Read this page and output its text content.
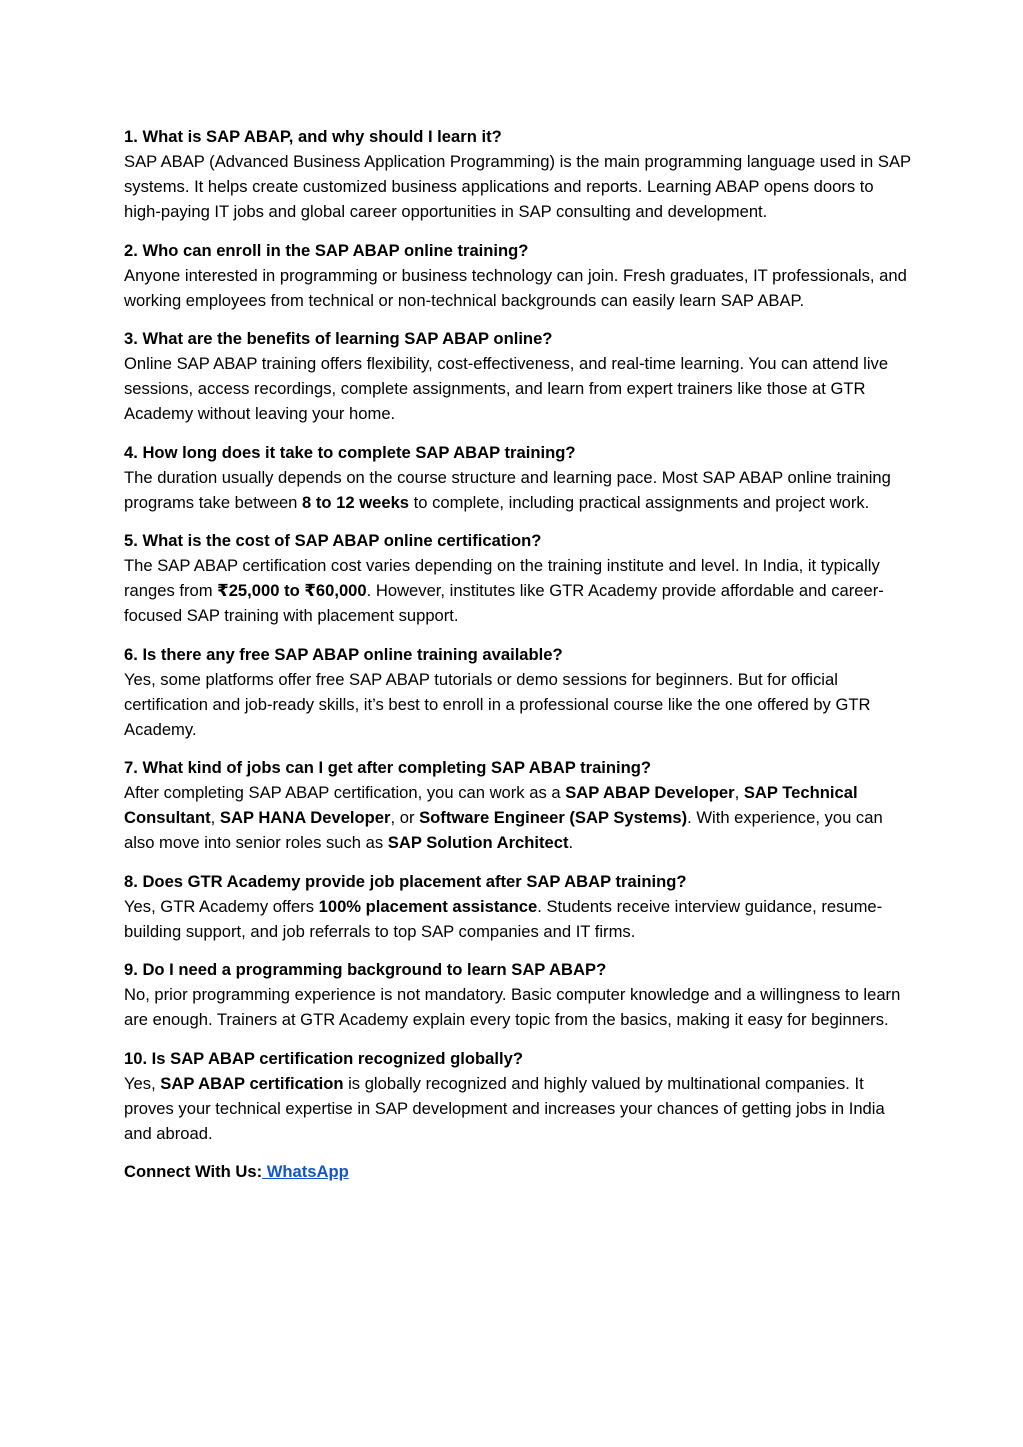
1. What is SAP ABAP, and why should I learn it?
SAP ABAP (Advanced Business Application Programming) is the main programming language used in SAP systems. It helps create customized business applications and reports. Learning ABAP opens doors to high-paying IT jobs and global career opportunities in SAP consulting and development.
2. Who can enroll in the SAP ABAP online training?
Anyone interested in programming or business technology can join. Fresh graduates, IT professionals, and working employees from technical or non-technical backgrounds can easily learn SAP ABAP.
3. What are the benefits of learning SAP ABAP online?
Online SAP ABAP training offers flexibility, cost-effectiveness, and real-time learning. You can attend live sessions, access recordings, complete assignments, and learn from expert trainers like those at GTR Academy without leaving your home.
4. How long does it take to complete SAP ABAP training?
The duration usually depends on the course structure and learning pace. Most SAP ABAP online training programs take between 8 to 12 weeks to complete, including practical assignments and project work.
5. What is the cost of SAP ABAP online certification?
The SAP ABAP certification cost varies depending on the training institute and level. In India, it typically ranges from ₹25,000 to ₹60,000. However, institutes like GTR Academy provide affordable and career-focused SAP training with placement support.
6. Is there any free SAP ABAP online training available?
Yes, some platforms offer free SAP ABAP tutorials or demo sessions for beginners. But for official certification and job-ready skills, it’s best to enroll in a professional course like the one offered by GTR Academy.
7. What kind of jobs can I get after completing SAP ABAP training?
After completing SAP ABAP certification, you can work as a SAP ABAP Developer, SAP Technical Consultant, SAP HANA Developer, or Software Engineer (SAP Systems). With experience, you can also move into senior roles such as SAP Solution Architect.
8. Does GTR Academy provide job placement after SAP ABAP training?
Yes, GTR Academy offers 100% placement assistance. Students receive interview guidance, resume-building support, and job referrals to top SAP companies and IT firms.
9. Do I need a programming background to learn SAP ABAP?
No, prior programming experience is not mandatory. Basic computer knowledge and a willingness to learn are enough. Trainers at GTR Academy explain every topic from the basics, making it easy for beginners.
10. Is SAP ABAP certification recognized globally?
Yes, SAP ABAP certification is globally recognized and highly valued by multinational companies. It proves your technical expertise in SAP development and increases your chances of getting jobs in India and abroad.
Connect With Us: WhatsApp
